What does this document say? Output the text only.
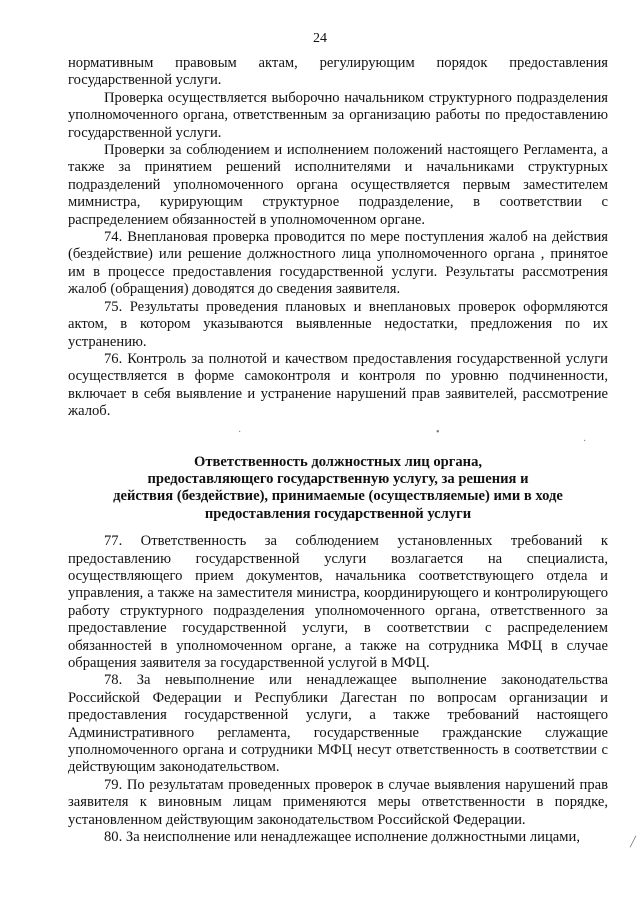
24

нормативным правовым актам, регулирующим порядок предоставления государственной услуги.

Проверка осуществляется выборочно начальником структурного подразделения уполномоченного органа, ответственным за организацию работы по предоставлению государственной услуги.

Проверки за соблюдением и исполнением положений настоящего Регламента, а также за принятием решений исполнителями и начальниками структурных подразделений уполномоченного органа осуществляется первым заместителем мимнистра, курирующим структурное подразделение, в соответствии с распределением обязанностей в уполномоченном органе.

74. Внеплановая проверка проводится по мере поступления жалоб на действия (бездействие) или решение должностного лица уполномоченного органа , принятое им в процессе предоставления государственной услуги. Результаты рассмотрения жалоб (обращения) доводятся до сведения заявителя.

75. Результаты проведения плановых и внеплановых проверок оформляются актом, в котором указываются выявленные недостатки, предложения по их устранению.

76. Контроль за полнотой и качеством предоставления государственной услуги осуществляется в форме самоконтроля и контроля по уровню подчиненности, включает в себя выявление и устранение нарушений прав заявителей, рассмотрение жалоб.

Ответственность должностных лиц органа,
предоставляющего государственную услугу, за решения и
действия (бездействие), принимаемые (осуществляемые) ими в ходе
предоставления государственной услуги

77. Ответственность за соблюдением установленных требований к предоставлению государственной услуги возлагается на специалиста, осуществляющего прием документов, начальника соответствующего отдела и управления, а также на заместителя министра, координирующего и контролирующего работу структурного подразделения уполномоченного органа, ответственного за предоставление государственной услуги, в соответствии с распределением обязанностей в уполномоченном органе, а также на сотрудника МФЦ в случае обращения заявителя за государственной услугой в МФЦ.

78. За невыполнение или ненадлежащее выполнение законодательства Российской Федерации и Республики Дагестан по вопросам организации и предоставления государственной услуги, а также требований настоящего Административного регламента, государственные гражданские служащие уполномоченного органа и сотрудники МФЦ несут ответственность в соответствии с действующим законодательством.

79. По результатам проведенных проверок в случае выявления нарушений прав заявителя к виновным лицам применяются меры ответственности в порядке, установленном действующим законодательством Российской Федерации.

80. За неисполнение или ненадлежащее исполнение должностными лицами,

•
·
·
╱
